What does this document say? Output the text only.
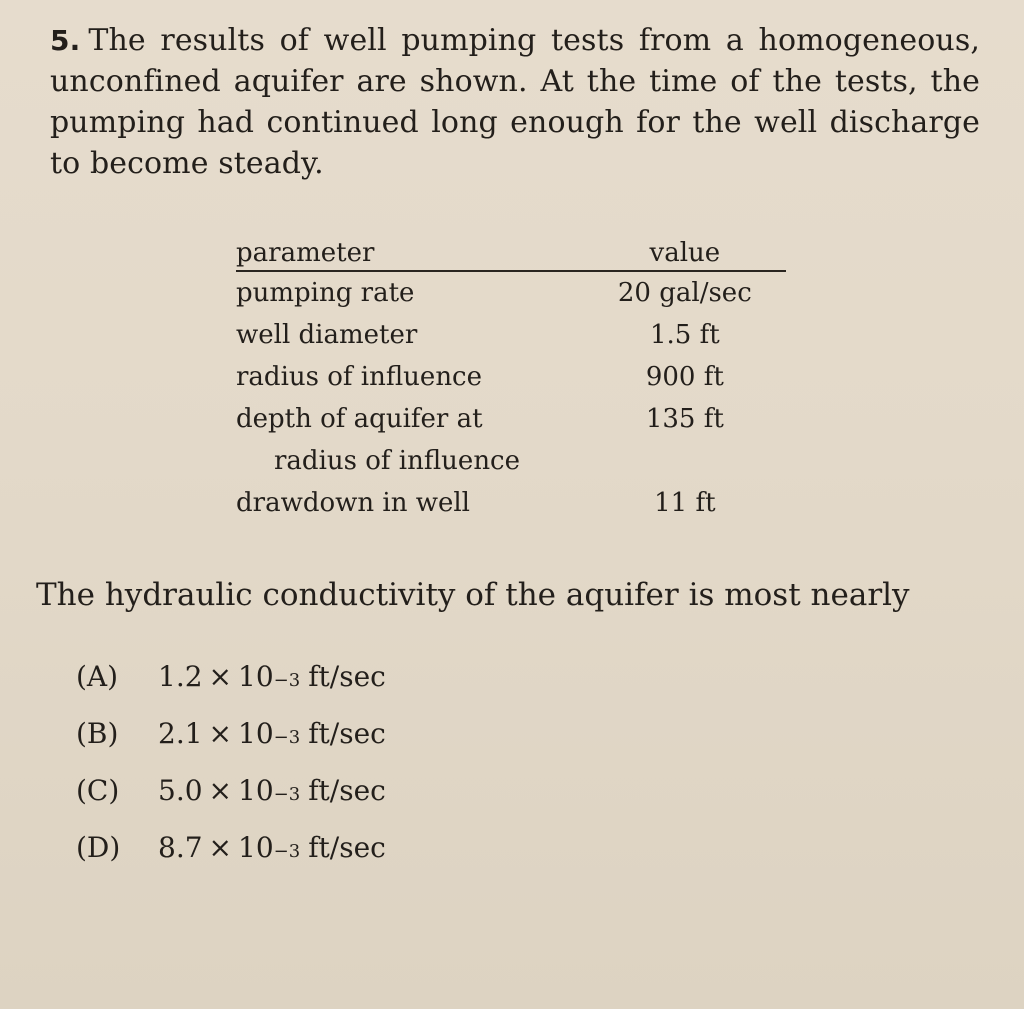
5. The results of well pumping tests from a homogeneous, unconfined aquifer are shown. At the time of the tests, the pumping had continued long enough for the well discharge to become steady.
parameter	value
pumping rate	20 gal/sec
well diameter	1.5 ft
radius of influence	900 ft
depth of aquifer at	135 ft
radius of influence
drawdown in well	11 ft
The hydraulic conductivity of the aquifer is most nearly
(A)	1.2 × 10 −3 ft/sec
(B)	2.1 × 10 −3 ft/sec
(C)	5.0 × 10 −3 ft/sec
(D)	8.7 × 10 −3 ft/sec
